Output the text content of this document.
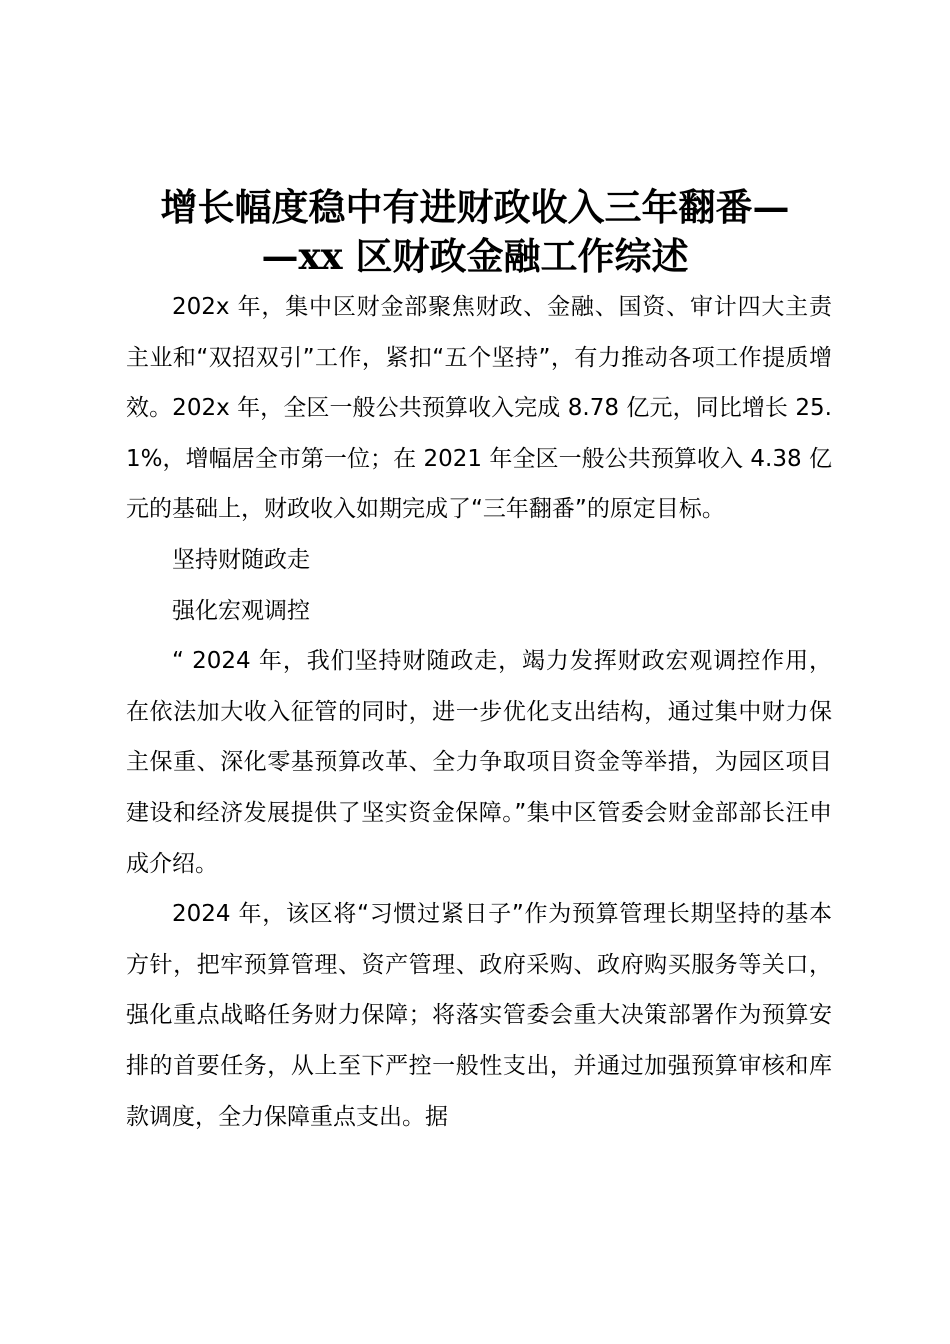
增长幅度稳中有进财政收入三年翻番—
—xx 区财政金融工作综述

202x 年，集中区财金部聚焦财政、金融、国资、审计四大主责主业和“双招双引”工作，紧扣“五个坚持”，有力推动各项工作提质增效。202x 年，全区一般公共预算收入完成 8.78 亿元，同比增长 25.1%，增幅居全市第一位；在 2021 年全区一般公共预算收入 4.38 亿元的基础上，财政收入如期完成了“三年翻番”的原定目标。

坚持财随政走

强化宏观调控

“ 2024 年，我们坚持财随政走，竭力发挥财政宏观调控作用，在依法加大收入征管的同时，进一步优化支出结构，通过集中财力保主保重、深化零基预算改革、全力争取项目资金等举措，为园区项目建设和经济发展提供了坚实资金保障。”集中区管委会财金部部长汪申成介绍。

2024 年，该区将“习惯过紧日子”作为预算管理长期坚持的基本方针，把牢预算管理、资产管理、政府采购、政府购买服务等关口，强化重点战略任务财力保障；将落实管委会重大决策部署作为预算安排的首要任务，从上至下严控一般性支出，并通过加强预算审核和库款调度，全力保障重点支出。据
